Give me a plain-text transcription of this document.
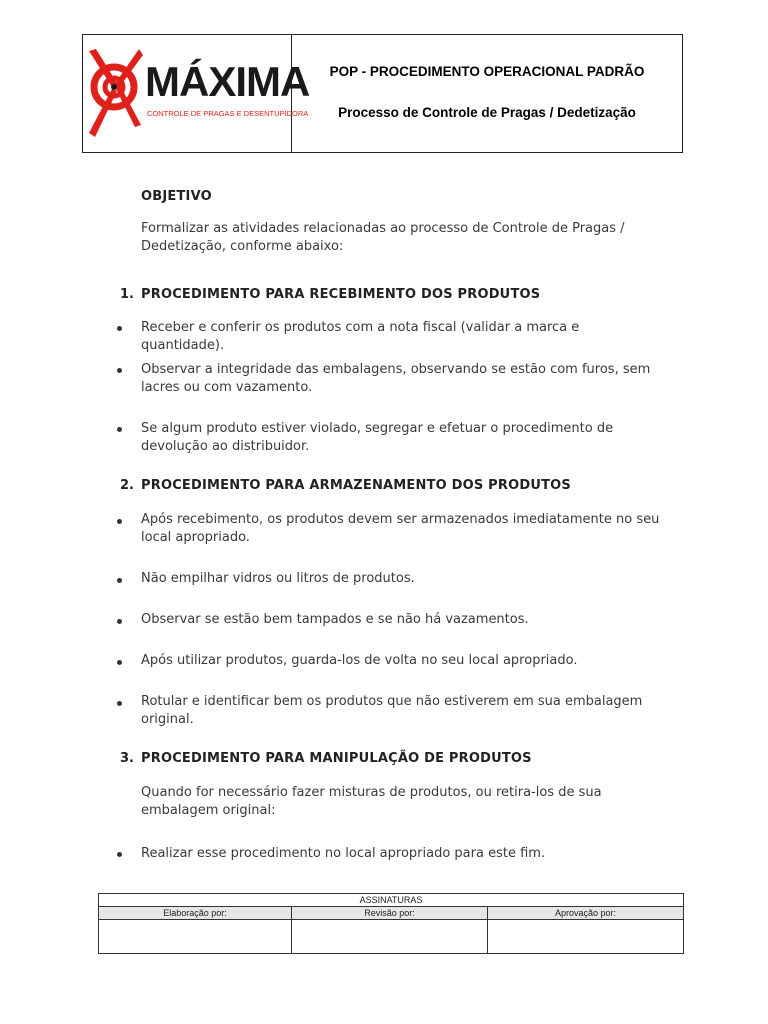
MÁXIMA
CONTROLE DE PRAGAS E DESENTUPIDORA
POP - PROCEDIMENTO OPERACIONAL PADRÃO
Processo de Controle de Pragas / Dedetização
OBJETIVO
Formalizar as atividades relacionadas ao processo de Controle de Pragas / Dedetização, conforme abaixo:
1. PROCEDIMENTO PARA RECEBIMENTO DOS PRODUTOS
Receber e conferir os produtos com a nota fiscal (validar a marca e quantidade).
Observar a integridade das embalagens, observando se estão com furos, sem lacres ou com vazamento.
Se algum produto estiver violado, segregar e efetuar o procedimento de devolução ao distribuidor.
2. PROCEDIMENTO PARA ARMAZENAMENTO DOS PRODUTOS
Após recebimento, os produtos devem ser armazenados imediatamente no seu local apropriado.
Não empilhar vidros ou litros de produtos.
Observar se estão bem tampados e se não há vazamentos.
Após utilizar produtos, guarda-los de volta no seu local apropriado.
Rotular e identificar bem os produtos que não estiverem em sua embalagem original.
3. PROCEDIMENTO PARA MANIPULAÇÃO DE PRODUTOS
Quando for necessário fazer misturas de produtos, ou retira-los de sua embalagem original:
Realizar esse procedimento no local apropriado para este fim.
ASSINATURAS		
Elaboração por:	Revisão por:	Aprovação por:
